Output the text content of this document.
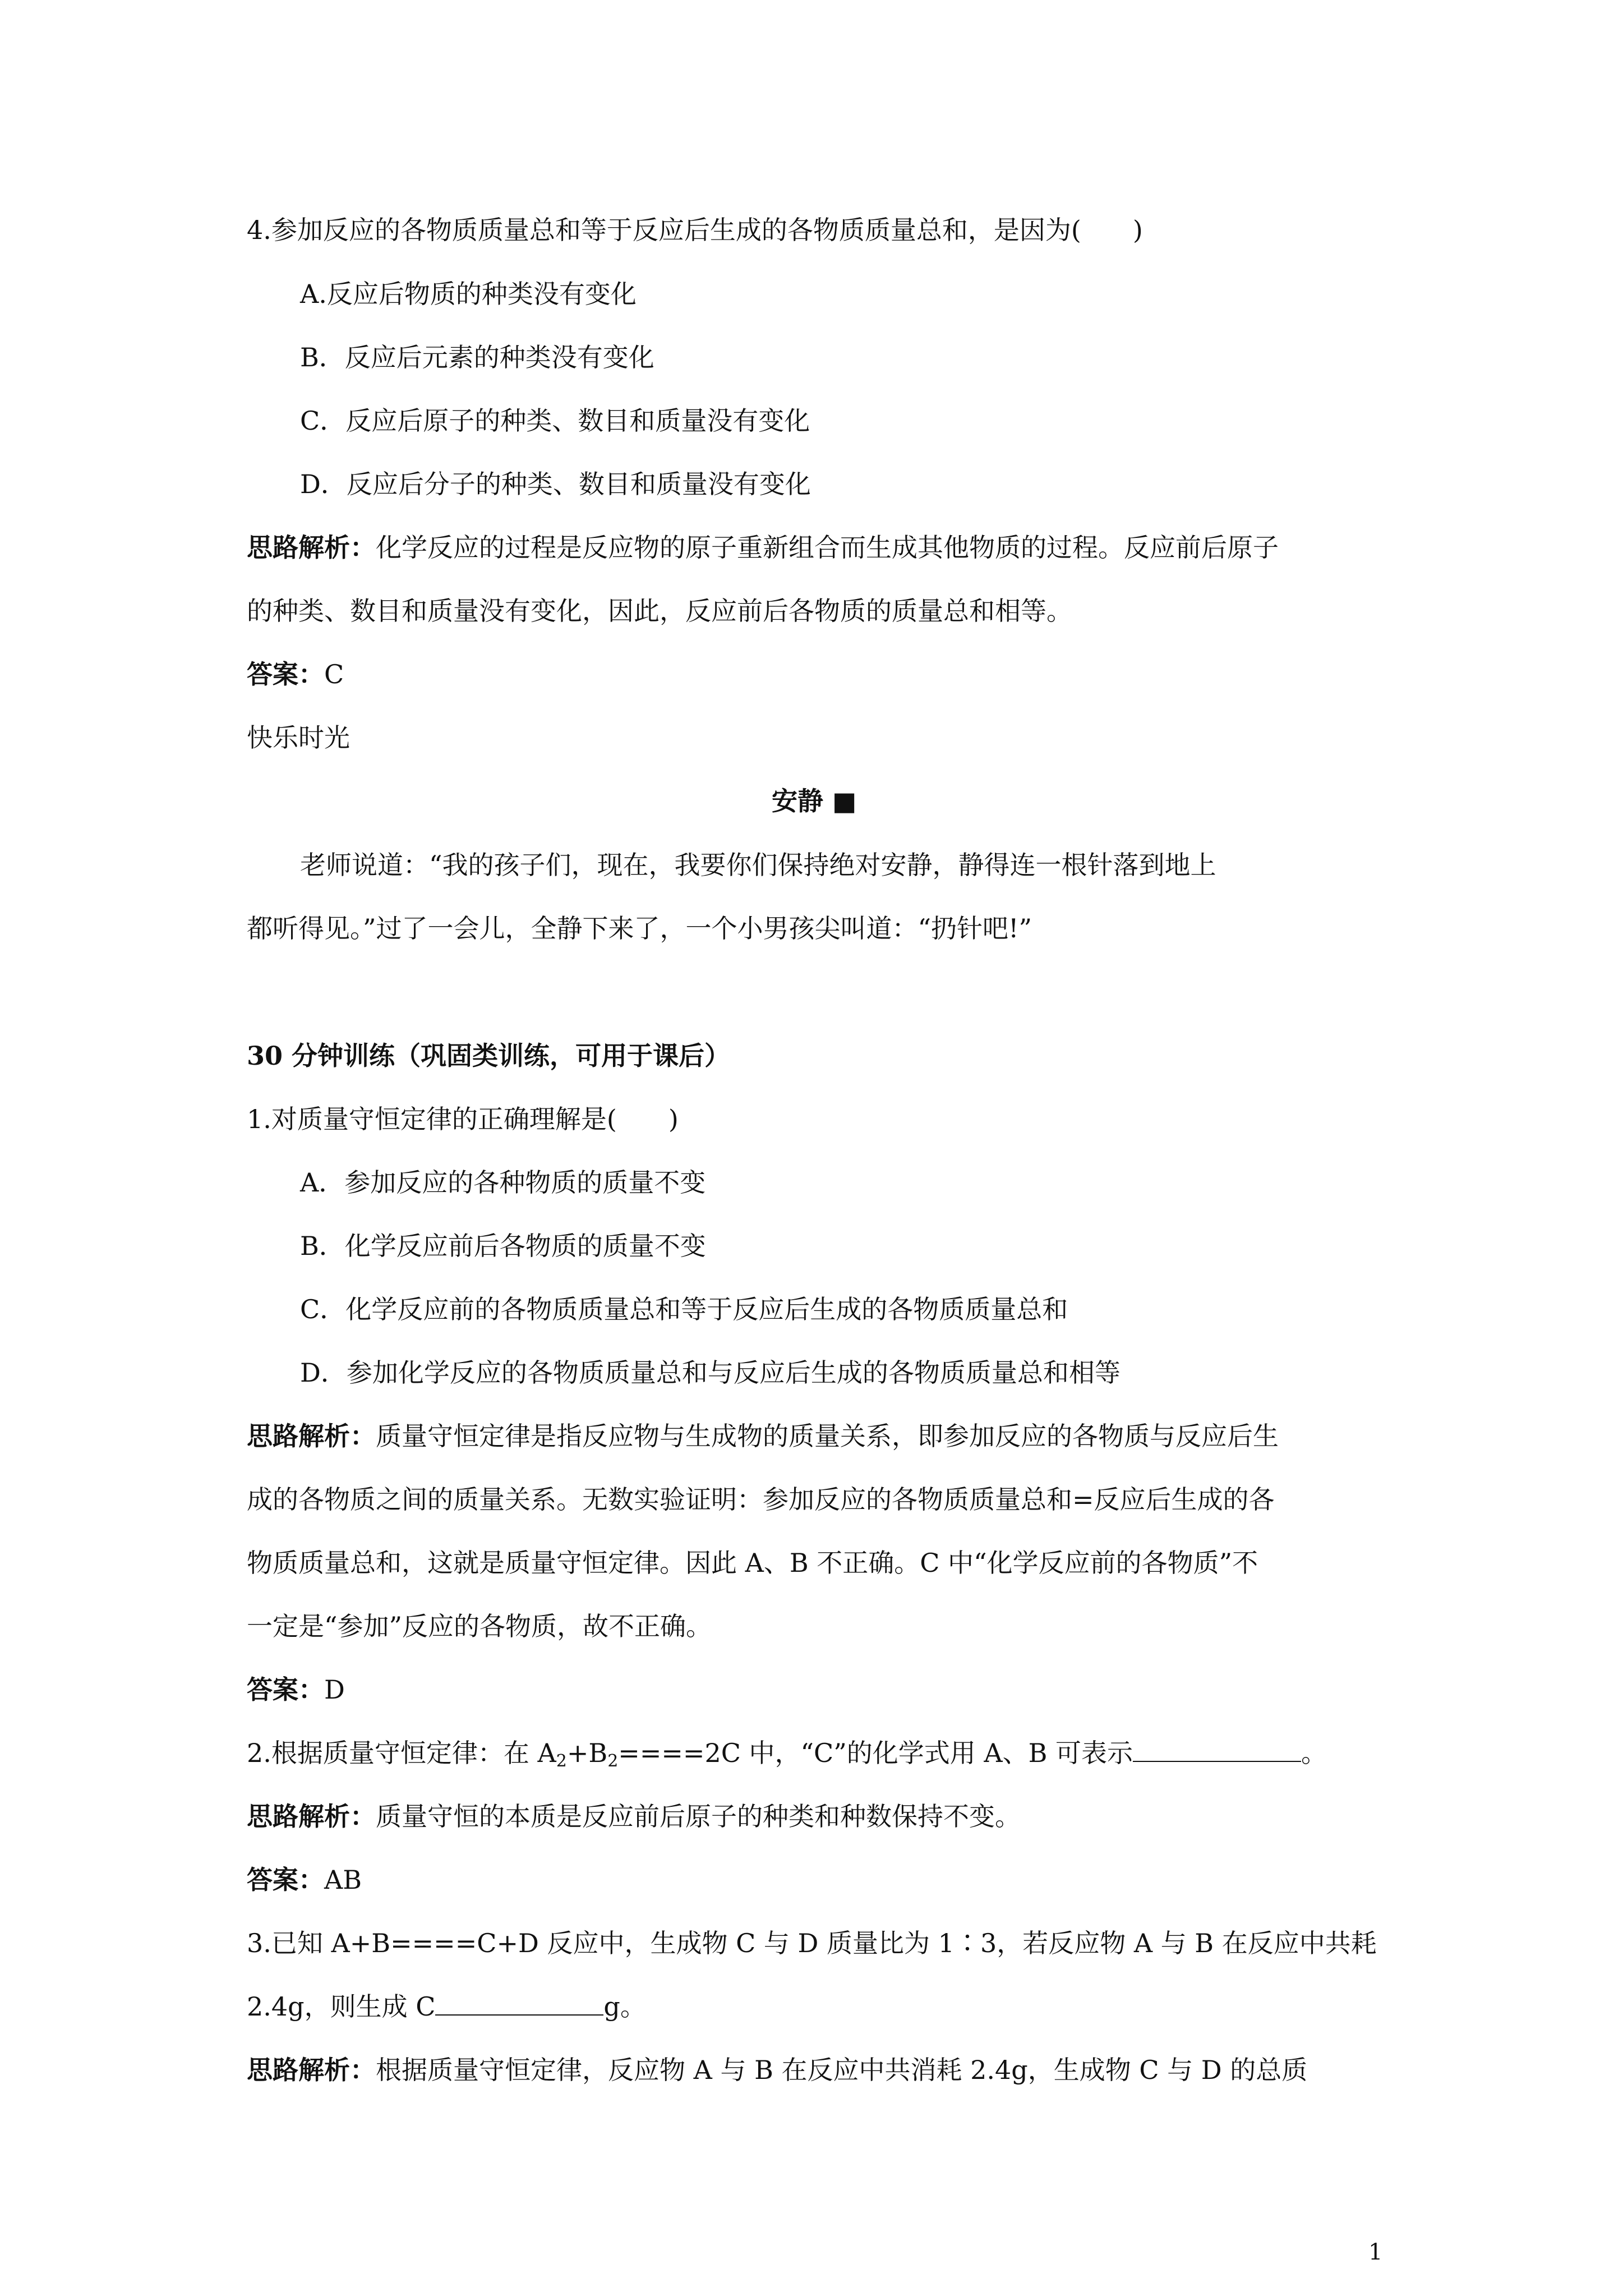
4.参加反应的各物质质量总和等于反应后生成的各物质质量总和，是因为(　　)
A.反应后物质的种类没有变化
B．反应后元素的种类没有变化
C．反应后原子的种类、数目和质量没有变化
D．反应后分子的种类、数目和质量没有变化
思路解析：化学反应的过程是反应物的原子重新组合而生成其他物质的过程。反应前后原子
的种类、数目和质量没有变化，因此，反应前后各物质的质量总和相等。
答案：C
快乐时光
安静 ■
老师说道：“我的孩子们，现在，我要你们保持绝对安静，静得连一根针落到地上
都听得见。”过了一会儿，全静下来了，一个小男孩尖叫道：“扔针吧!”
30 分钟训练（巩固类训练，可用于课后）
1.对质量守恒定律的正确理解是(　　)
A．参加反应的各种物质的质量不变
B．化学反应前后各物质的质量不变
C．化学反应前的各物质质量总和等于反应后生成的各物质质量总和
D．参加化学反应的各物质质量总和与反应后生成的各物质质量总和相等
思路解析：质量守恒定律是指反应物与生成物的质量关系，即参加反应的各物质与反应后生
成的各物质之间的质量关系。无数实验证明：参加反应的各物质质量总和=反应后生成的各
物质质量总和，这就是质量守恒定律。因此 A、B 不正确。C 中“化学反应前的各物质”不
一定是“参加”反应的各物质，故不正确。
答案：D
2.根据质量守恒定律：在 $A_2+B_2====2C$ 中，“C”的化学式用 A、B 可表示	。
思路解析：质量守恒的本质是反应前后原子的种类和种数保持不变。
答案：AB
3.已知 A+B====C+D 反应中，生成物 C 与 D 质量比为 1∶3，若反应物 A 与 B 在反应中共耗
2.4g，则生成 C	g。
思路解析：根据质量守恒定律，反应物 A 与 B 在反应中共消耗 2.4g，生成物 C 与 D 的总质
1
